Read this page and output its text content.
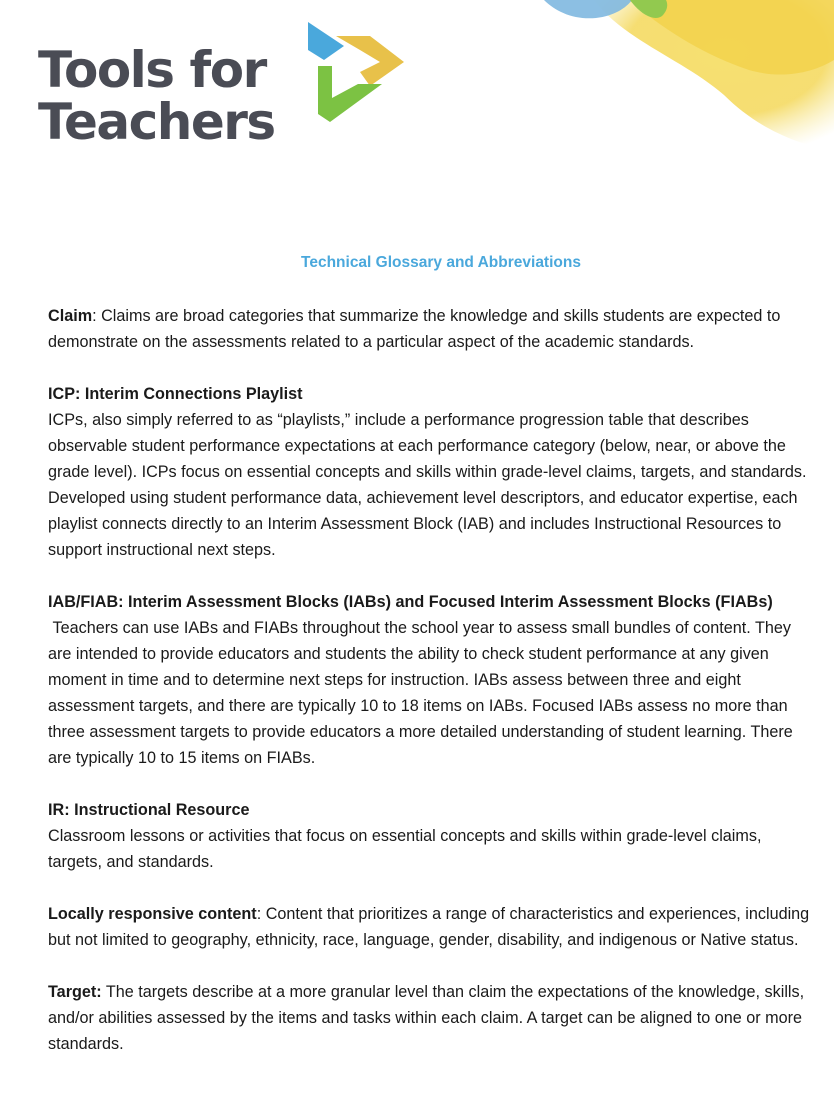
Tools for
Teachers
Technical Glossary and Abbreviations

Claim: Claims are broad categories that summarize the knowledge and skills students are expected to demonstrate on the assessments related to a particular aspect of the academic standards.

ICP: Interim Connections Playlist

ICPs, also simply referred to as “playlists,” include a performance progression table that describes observable student performance expectations at each performance category (below, near, or above the grade level). ICPs focus on essential concepts and skills within grade-level claims, targets, and standards. Developed using student performance data, achievement level descriptors, and educator expertise, each playlist connects directly to an Interim Assessment Block (IAB) and includes Instructional Resources to support instructional next steps.

IAB/FIAB: Interim Assessment Blocks (IABs) and Focused Interim Assessment Blocks (FIABs)

Teachers can use IABs and FIABs throughout the school year to assess small bundles of content. They are intended to provide educators and students the ability to check student performance at any given moment in time and to determine next steps for instruction. IABs assess between three and eight assessment targets, and there are typically 10 to 18 items on IABs. Focused IABs assess no more than three assessment targets to provide educators a more detailed understanding of student learning. There are typically 10 to 15 items on FIABs.

IR: Instructional Resource

Classroom lessons or activities that focus on essential concepts and skills within grade-level claims, targets, and standards.

Locally responsive content: Content that prioritizes a range of characteristics and experiences, including but not limited to geography, ethnicity, race, language, gender, disability, and indigenous or Native status.

Target: The targets describe at a more granular level than claim the expectations of the knowledge, skills, and/or abilities assessed by the items and tasks within each claim. A target can be aligned to one or more standards.
